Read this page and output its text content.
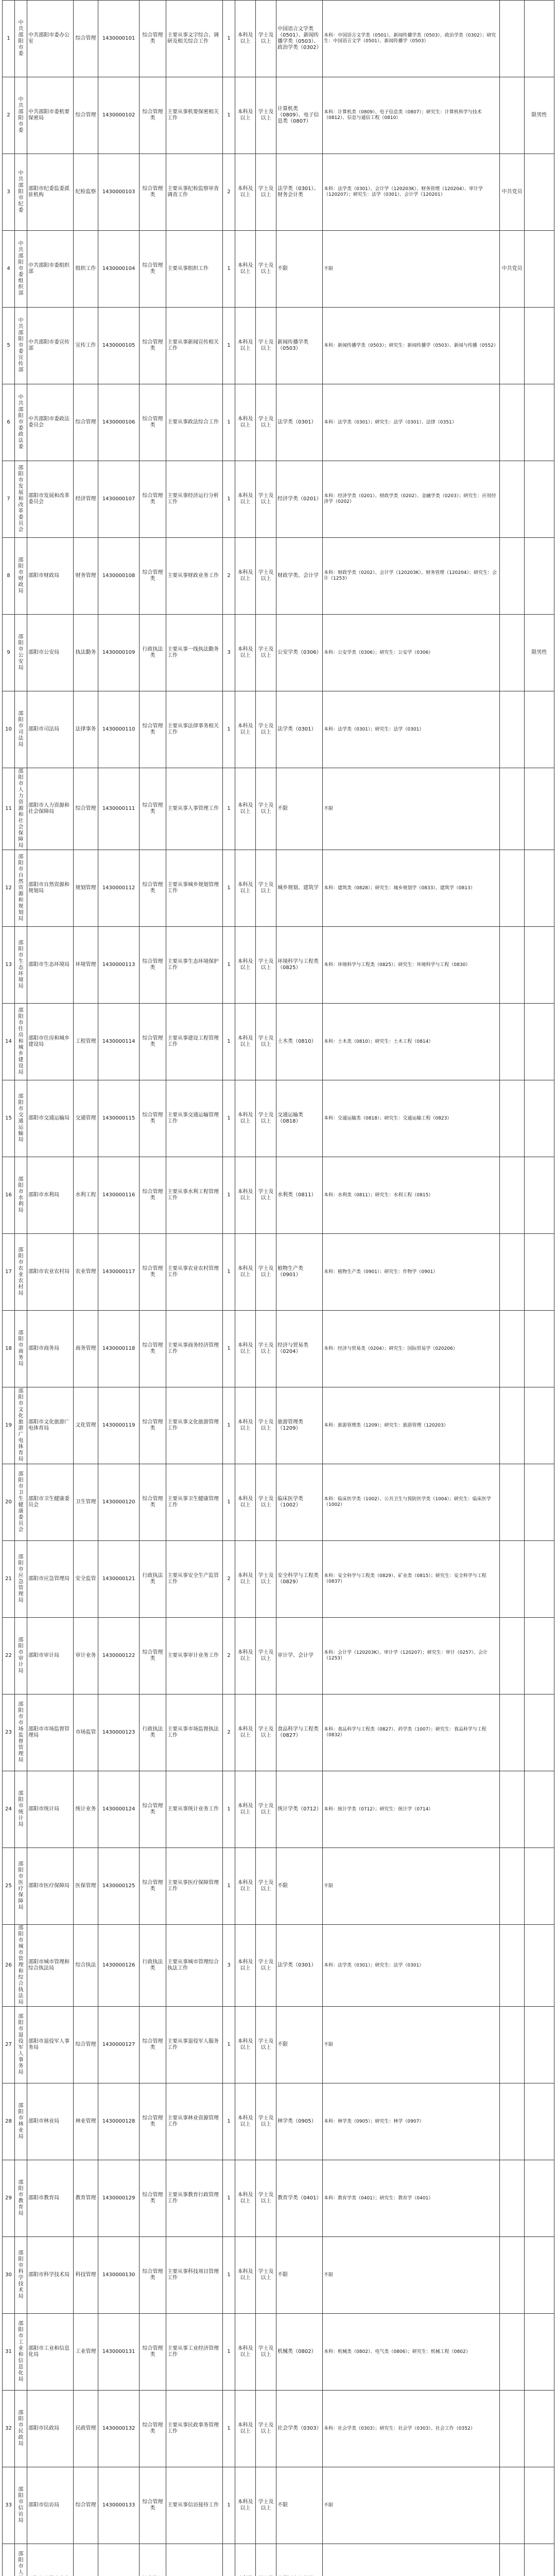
1	中共邵阳市委	中共邵阳市委办公室	综合管理	1430000101	综合管理类	主要从事文字综合、调研及相关综合工作	1	本科及以上	学士及以上	中国语言文学类（0501）、新闻传播学类（0503）、政治学类（0302）	本科：中国语言文学类（0501）、新闻传播学类（0503）、政治学类（0302）；研究生：中国语言文学（0501）、新闻传播学（0503）		
2	中共邵阳市委	中共邵阳市委机要保密局	综合管理	1430000102	综合管理类	主要从事机要保密相关工作	1	本科及以上	学士及以上	计算机类（0809）、电子信息类（0807）	本科：计算机类（0809）、电子信息类（0807）；研究生：计算机科学与技术（0812）、信息与通信工程（0810）		限男性
3	中共邵阳市纪委	邵阳市纪委监委派驻机构	纪检监察	1430000103	综合管理类	主要从事纪检监察审查调查工作	2	本科及以上	学士及以上	法学类（0301）、财务会计类	本科：法学类（0301）、会计学（120203K）、财务管理（120204）、审计学（120207）；研究生：法学（0301）、会计学（120201）	中共党员	
4	中共邵阳市委组织部	中共邵阳市委组织部	组织工作	1430000104	综合管理类	主要从事组织工作	1	本科及以上	学士及以上	不限	不限	中共党员	
5	中共邵阳市委宣传部	中共邵阳市委宣传部	宣传工作	1430000105	综合管理类	主要从事新闻宣传相关工作	1	本科及以上	学士及以上	新闻传播学类（0503）	本科：新闻传播学类（0503）；研究生：新闻传播学（0503）、新闻与传播（0552）		
6	中共邵阳市委政法委	中共邵阳市委政法委员会	综合管理	1430000106	综合管理类	主要从事政法综合工作	1	本科及以上	学士及以上	法学类（0301）	本科：法学类（0301）；研究生：法学（0301）、法律（0351）		
7	邵阳市发展和改革委员会	邵阳市发展和改革委员会	经济管理	1430000107	综合管理类	主要从事经济运行分析工作	1	本科及以上	学士及以上	经济学类（0201）	本科：经济学类（0201）、财政学类（0202）、金融学类（0203）；研究生：应用经济学（0202）		
8	邵阳市财政局	邵阳市财政局	财务管理	1430000108	综合管理类	主要从事财政业务工作	2	本科及以上	学士及以上	财政学类、会计学	本科：财政学类（0202）、会计学（120203K）、财务管理（120204）；研究生：会计（1253）		
9	邵阳市公安局	邵阳市公安局	执法勤务	1430000109	行政执法类	主要从事一线执法勤务工作	3	本科及以上	学士及以上	公安学类（0306）	本科：公安学类（0306）；研究生：公安学（0306）		限男性
10	邵阳市司法局	邵阳市司法局	法律事务	1430000110	综合管理类	主要从事法律事务相关工作	1	本科及以上	学士及以上	法学类（0301）	本科：法学类（0301）；研究生：法学（0301）		
11	邵阳市人力资源和社会保障局	邵阳市人力资源和社会保障局	综合管理	1430000111	综合管理类	主要从事人事管理工作	1	本科及以上	学士及以上	不限	不限		
12	邵阳市自然资源和规划局	邵阳市自然资源和规划局	规划管理	1430000112	综合管理类	主要从事城乡规划管理工作	1	本科及以上	学士及以上	城乡规划、建筑学	本科：建筑类（0828）；研究生：城乡规划学（0833）、建筑学（0813）		
13	邵阳市生态环境局	邵阳市生态环境局	环境管理	1430000113	综合管理类	主要从事生态环境保护工作	1	本科及以上	学士及以上	环境科学与工程类（0825）	本科：环境科学与工程类（0825）；研究生：环境科学与工程（0830）		
14	邵阳市住房和城乡建设局	邵阳市住房和城乡建设局	工程管理	1430000114	综合管理类	主要从事建设工程管理工作	1	本科及以上	学士及以上	土木类（0810）	本科：土木类（0810）；研究生：土木工程（0814）		
15	邵阳市交通运输局	邵阳市交通运输局	交通管理	1430000115	综合管理类	主要从事交通运输管理工作	1	本科及以上	学士及以上	交通运输类（0818）	本科：交通运输类（0818）；研究生：交通运输工程（0823）		
16	邵阳市水利局	邵阳市水利局	水利工程	1430000116	综合管理类	主要从事水利工程管理工作	1	本科及以上	学士及以上	水利类（0811）	本科：水利类（0811）；研究生：水利工程（0815）		
17	邵阳市农业农村局	邵阳市农业农村局	农业管理	1430000117	综合管理类	主要从事农业农村管理工作	1	本科及以上	学士及以上	植物生产类（0901）	本科：植物生产类（0901）；研究生：作物学（0901）		
18	邵阳市商务局	邵阳市商务局	商务管理	1430000118	综合管理类	主要从事商务经济管理工作	1	本科及以上	学士及以上	经济与贸易类（0204）	本科：经济与贸易类（0204）；研究生：国际贸易学（020206）		
19	邵阳市文化旅游广电体育局	邵阳市文化旅游广电体育局	文化管理	1430000119	综合管理类	主要从事文化旅游管理工作	1	本科及以上	学士及以上	旅游管理类（1209）	本科：旅游管理类（1209）；研究生：旅游管理（120203）		
20	邵阳市卫生健康委员会	邵阳市卫生健康委员会	卫生管理	1430000120	综合管理类	主要从事卫生健康管理工作	1	本科及以上	学士及以上	临床医学类（1002）	本科：临床医学类（1002）、公共卫生与预防医学类（1004）；研究生：临床医学（1002）		
21	邵阳市应急管理局	邵阳市应急管理局	安全监管	1430000121	行政执法类	主要从事安全生产监管工作	2	本科及以上	学士及以上	安全科学与工程类（0829）	本科：安全科学与工程类（0829）、矿业类（0815）；研究生：安全科学与工程（0837）		
22	邵阳市审计局	邵阳市审计局	审计业务	1430000122	综合管理类	主要从事审计业务工作	2	本科及以上	学士及以上	审计学、会计学	本科：会计学（120203K）、审计学（120207）；研究生：审计（0257）、会计（1253）		
23	邵阳市市场监督管理局	邵阳市市场监督管理局	市场监管	1430000123	行政执法类	主要从事市场监督执法工作	2	本科及以上	学士及以上	食品科学与工程类（0827）	本科：食品科学与工程类（0827）、药学类（1007）；研究生：食品科学与工程（0832）		
24	邵阳市统计局	邵阳市统计局	统计业务	1430000124	综合管理类	主要从事统计业务工作	1	本科及以上	学士及以上	统计学类（0712）	本科：统计学类（0712）；研究生：统计学（0714）		
25	邵阳市医疗保障局	邵阳市医疗保障局	医保管理	1430000125	综合管理类	主要从事医疗保障管理工作	1	本科及以上	学士及以上	不限	不限		
26	邵阳市城市管理和综合执法局	邵阳市城市管理和综合执法局	综合执法	1430000126	行政执法类	主要从事城市管理综合执法工作	3	本科及以上	学士及以上	法学类（0301）	本科：法学类（0301）；研究生：法学（0301）		
27	邵阳市退役军人事务局	邵阳市退役军人事务局	综合管理	1430000127	综合管理类	主要从事退役军人服务工作	1	本科及以上	学士及以上	不限	不限		
28	邵阳市林业局	邵阳市林业局	林业管理	1430000128	综合管理类	主要从事林业资源管理工作	1	本科及以上	学士及以上	林学类（0905）	本科：林学类（0905）；研究生：林学（0907）		
29	邵阳市教育局	邵阳市教育局	教育管理	1430000129	综合管理类	主要从事教育行政管理工作	1	本科及以上	学士及以上	教育学类（0401）	本科：教育学类（0401）；研究生：教育学（0401）		
30	邵阳市科学技术局	邵阳市科学技术局	科技管理	1430000130	综合管理类	主要从事科技项目管理工作	1	本科及以上	学士及以上	不限	不限		
31	邵阳市工业和信息化局	邵阳市工业和信息化局	工业管理	1430000131	综合管理类	主要从事工业经济管理工作	1	本科及以上	学士及以上	机械类（0802）	本科：机械类（0802）、电气类（0806）；研究生：机械工程（0802）		
32	邵阳市民政局	邵阳市民政局	民政管理	1430000132	综合管理类	主要从事民政事务管理工作	1	本科及以上	学士及以上	社会学类（0303）	本科：社会学类（0303）；研究生：社会学（0303）、社会工作（0352）		
33	邵阳市信访局	邵阳市信访局	综合管理	1430000133	综合管理类	主要从事信访接待工作	1	本科及以上	学士及以上	不限	不限		
	邵阳市人												
